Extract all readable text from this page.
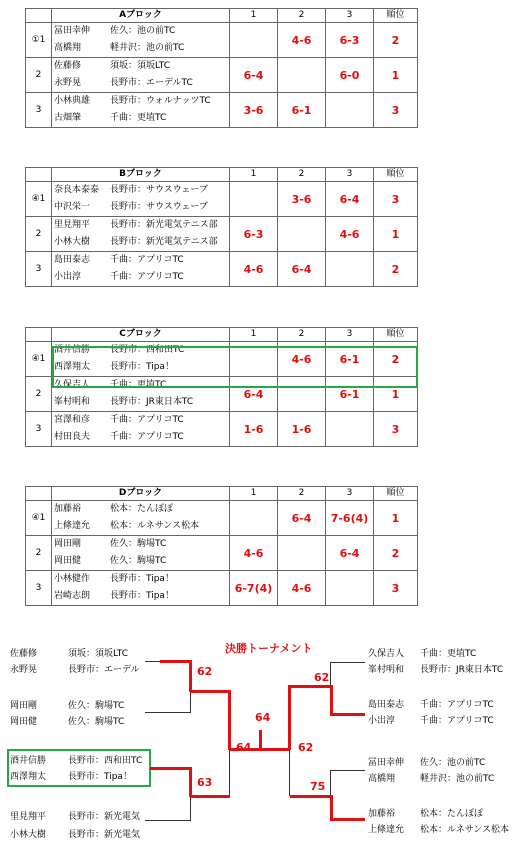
	Aブロック	1	2	3	順位
①1	冨田幸伸 佐久：池の前TC
高橋翔 軽井沢：池の前TC		4-6	6-3	2
2	佐藤修 須坂：須坂LTC
永野晃 長野市：エーデルTC	6-4		6-0	1
3	小林典雄 長野市：ウォルナッツTC
古畑肇 千曲：更埴TC	3-6	6-1		3
	Bブロック	1	2	3	順位
④1	奈良本泰泰 長野市：サウスウェーブ
中沢栄一 長野市：サウスウェーブ		3-6	6-4	3
2	里見翔平 長野市：新光電気テニス部
小林大樹 長野市：新光電気テニス部	6-3		4-6	1
3	島田泰志 千曲：アプリコTC
小出淳 千曲：アプリコTC	4-6	6-4		2
	Cブロック	1	2	3	順位
④1	酒井信勝 長野市：西和田TC
西澤翔太 長野市：Tipa！		4-6	6-1	2
2	久保吉人 千曲：更埴TC
峯村明和 長野市：JR東日本TC	6-4		6-1	1
3	宮澤和彦 千曲：アプリコTC
村田良夫 千曲：アプリコTC	1-6	1-6		3
	Dブロック	1	2	3	順位
④1	加藤裕 松本：たんぽぽ
上條達允 松本：ルネサンス松本		6-4	7-6(4)	1
2	岡田剛 佐久：駒場TC
岡田健 佐久：駒場TC	4-6		6-4	2
3	小林健作 長野市：Tipa！
岩崎志朗 長野市：Tipa！	6-7(4)	4-6		3
決勝トーナメント
佐藤修	須坂：須坂LTC
永野晃	長野市：エーデル
岡田剛	佐久：駒場TC
岡田健	佐久：駒場TC
酒井信勝 長野市：西和田TC
西澤翔太 長野市：Tipa！
里見翔平 長野市：新光電気
小林大樹 長野市：新光電気
久保吉人 千曲：更埴TC
峯村明和 長野市：JR東日本TC
島田泰志 千曲：アプリコTC
小出淳	千曲：アプリコTC
冨田幸伸 佐久：池の前TC
高橋翔	軽井沢：池の前TC
加藤裕	松本：たんぽぽ
上條達允 松本：ルネサンス松本
62
63
64
64
62
62
75
